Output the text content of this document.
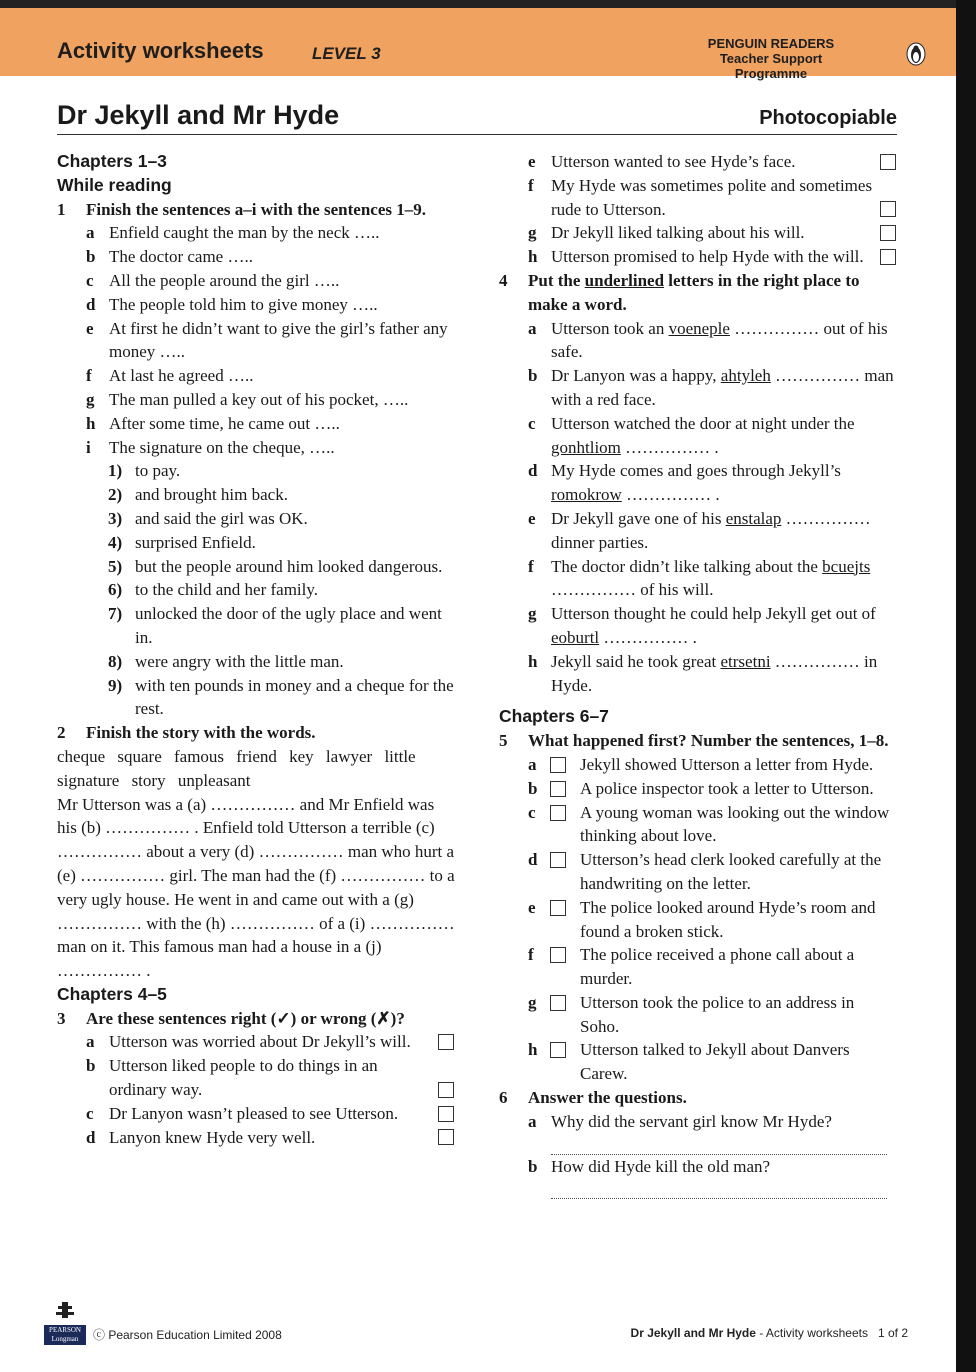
Activity worksheets	LEVEL 3
PENGUIN READERS
Teacher Support Programme
Dr Jekyll and Mr Hyde	Photocopiable
Chapters 1–3
While reading
1 Finish the sentences a–i with the sentences 1–9.
a Enfield caught the man by the neck …..
b The doctor came …..
c All the people around the girl …..
d The people told him to give money …..
e At first he didn’t want to give the girl’s father any money …..
f At last he agreed …..
g The man pulled a key out of his pocket, …..
h After some time, he came out …..
i The signature on the cheque, …..
1) to pay.
2) and brought him back.
3) and said the girl was OK.
4) surprised Enfield.
5) but the people around him looked dangerous.
6) to the child and her family.
7) unlocked the door of the ugly place and went in.
8) were angry with the little man.
9) with ten pounds in money and a cheque for the rest.
2 Finish the story with the words.
cheque square famous friend key lawyer little signature story unpleasant
Mr Utterson was a (a) …………… and Mr Enfield was his (b) …………… . Enfield told Utterson a terrible (c) …………… about a very (d) …………… man who hurt a (e) …………… girl. The man had the (f) …………… to a very ugly house. He went in and came out with a (g) …………… with the (h) …………… of a (i) …………… man on it. This famous man had a house in a (j) …………… .
Chapters 4–5
3 Are these sentences right (✓) or wrong (✗)?
a Utterson was worried about Dr Jekyll’s will.
b Utterson liked people to do things in an ordinary way.
c Dr Lanyon wasn’t pleased to see Utterson.
d Lanyon knew Hyde very well.
e Utterson wanted to see Hyde’s face.
f My Hyde was sometimes polite and sometimes rude to Utterson.
g Dr Jekyll liked talking about his will.
h Utterson promised to help Hyde with the will.
4 Put the underlined letters in the right place to make a word.
a Utterson took an voeneple …………… out of his safe.
b Dr Lanyon was a happy, ahtyleh …………… man with a red face.
c Utterson watched the door at night under the gonhtliom …………… .
d My Hyde comes and goes through Jekyll’s romokrow …………… .
e Dr Jekyll gave one of his enstalap …………… dinner parties.
f The doctor didn’t like talking about the bcuejts …………… of his will.
g Utterson thought he could help Jekyll get out of eoburtl …………… .
h Jekyll said he took great etrsetni …………… in Hyde.
Chapters 6–7
5 What happened first? Number the sentences, 1–8.
a	Jekyll showed Utterson a letter from Hyde.
b	A police inspector took a letter to Utterson.
c	A young woman was looking out the window thinking about love.
d	Utterson’s head clerk looked carefully at the handwriting on the letter.
e	The police looked around Hyde’s room and found a broken stick.
f	The police received a phone call about a murder.
g	Utterson took the police to an address in Soho.
h	Utterson talked to Jekyll about Danvers Carew.
6 Answer the questions.
a Why did the servant girl know Mr Hyde?
b How did Hyde kill the old man?
PEARSON
Longman	ⓒ Pearson Education Limited 2008	Dr Jekyll and Mr Hyde - Activity worksheets 1 of 2
